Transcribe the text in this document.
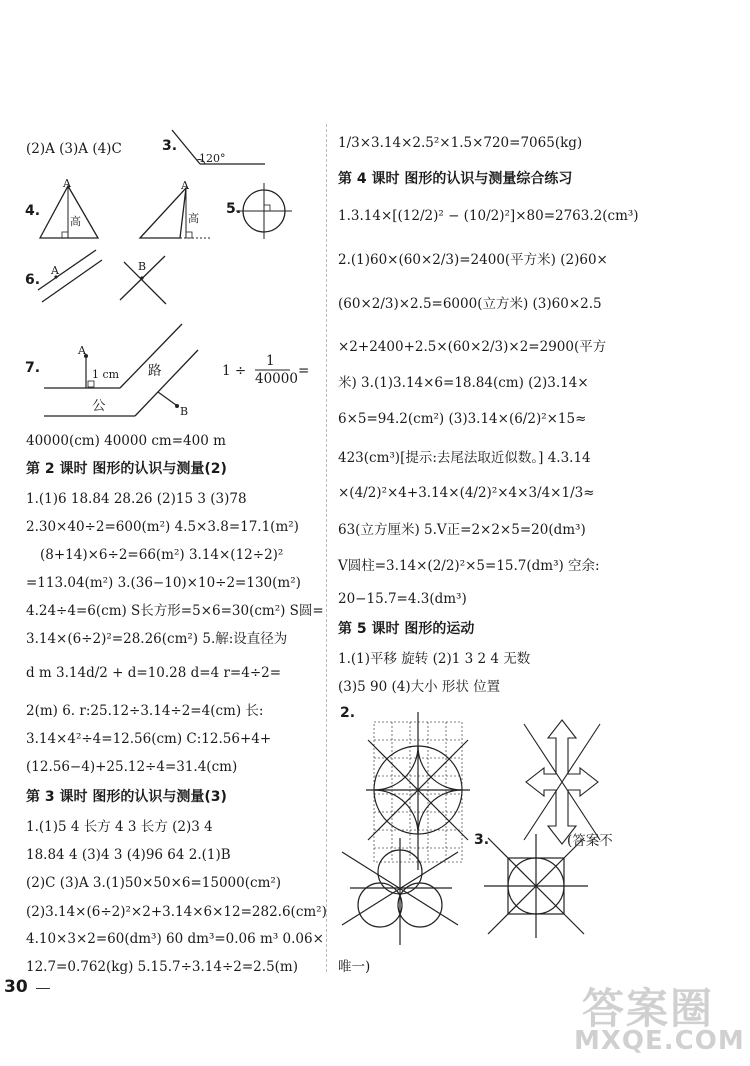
(2)A (3)A (4)C	3.
120°
4.
A
高
A
高
5.
6.
A	B
7.
A
1 cm 路
公	B
1 ÷
1
40000 =
40000(cm) 40000 cm=400 m
第 2 课时 图形的认识与测量(2)
1.(1)6 18.84 28.26 (2)15 3 (3)78
2.30×40÷2=600(m²) 4.5×3.8=17.1(m²)
(8+14)×6÷2=66(m²) 3.14×(12÷2)²
=113.04(m²) 3.(36−10)×10÷2=130(m²)
4.24÷4=6(cm) S长方形=5×6=30(cm²) S圆=
3.14×(6÷2)²=28.26(cm²) 5.解:设直径为
d m 3.14d/2 + d=10.28 d=4 r=4÷2=
2(m) 6. r:25.12÷3.14÷2=4(cm) 长:
3.14×4²÷4=12.56(cm) C:12.56+4+
(12.56−4)+25.12÷4=31.4(cm)
第 3 课时 图形的认识与测量(3)
1.(1)5 4 长方 4 3 长方 (2)3 4
18.84 4 (3)4 3 (4)96 64 2.(1)B
(2)C (3)A 3.(1)50×50×6=15000(cm²)
(2)3.14×(6÷2)²×2+3.14×6×12=282.6(cm²)
4.10×3×2=60(dm³) 60 dm³=0.06 m³ 0.06×
12.7=0.762(kg) 5.15.7÷3.14÷2=2.5(m)
30
1/3×3.14×2.5²×1.5×720=7065(kg)
第 4 课时 图形的认识与测量综合练习
1.3.14×[(12/2)² − (10/2)²]×80=2763.2(cm³)
2.(1)60×(60×2/3)=2400(平方米) (2)60×
(60×2/3)×2.5=6000(立方米) (3)60×2.5
×2+2400+2.5×(60×2/3)×2=2900(平方
米) 3.(1)3.14×6=18.84(cm) (2)3.14×
6×5=94.2(cm²) (3)3.14×(6/2)²×15≈
423(cm³)[提示:去尾法取近似数。] 4.3.14
×(4/2)²×4+3.14×(4/2)²×4×3/4×1/3≈
63(立方厘米) 5.V正=2×2×5=20(dm³)
V圆柱=3.14×(2/2)²×5=15.7(dm³) 空余:
20−15.7=4.3(dm³)
第 5 课时 图形的运动
1.(1)平移 旋转 (2)1 3 2 4 无数
(3)5 90 (4)大小 形状 位置
2.
3.	(答案不
唯一)
答案圈
MXQE.COM
